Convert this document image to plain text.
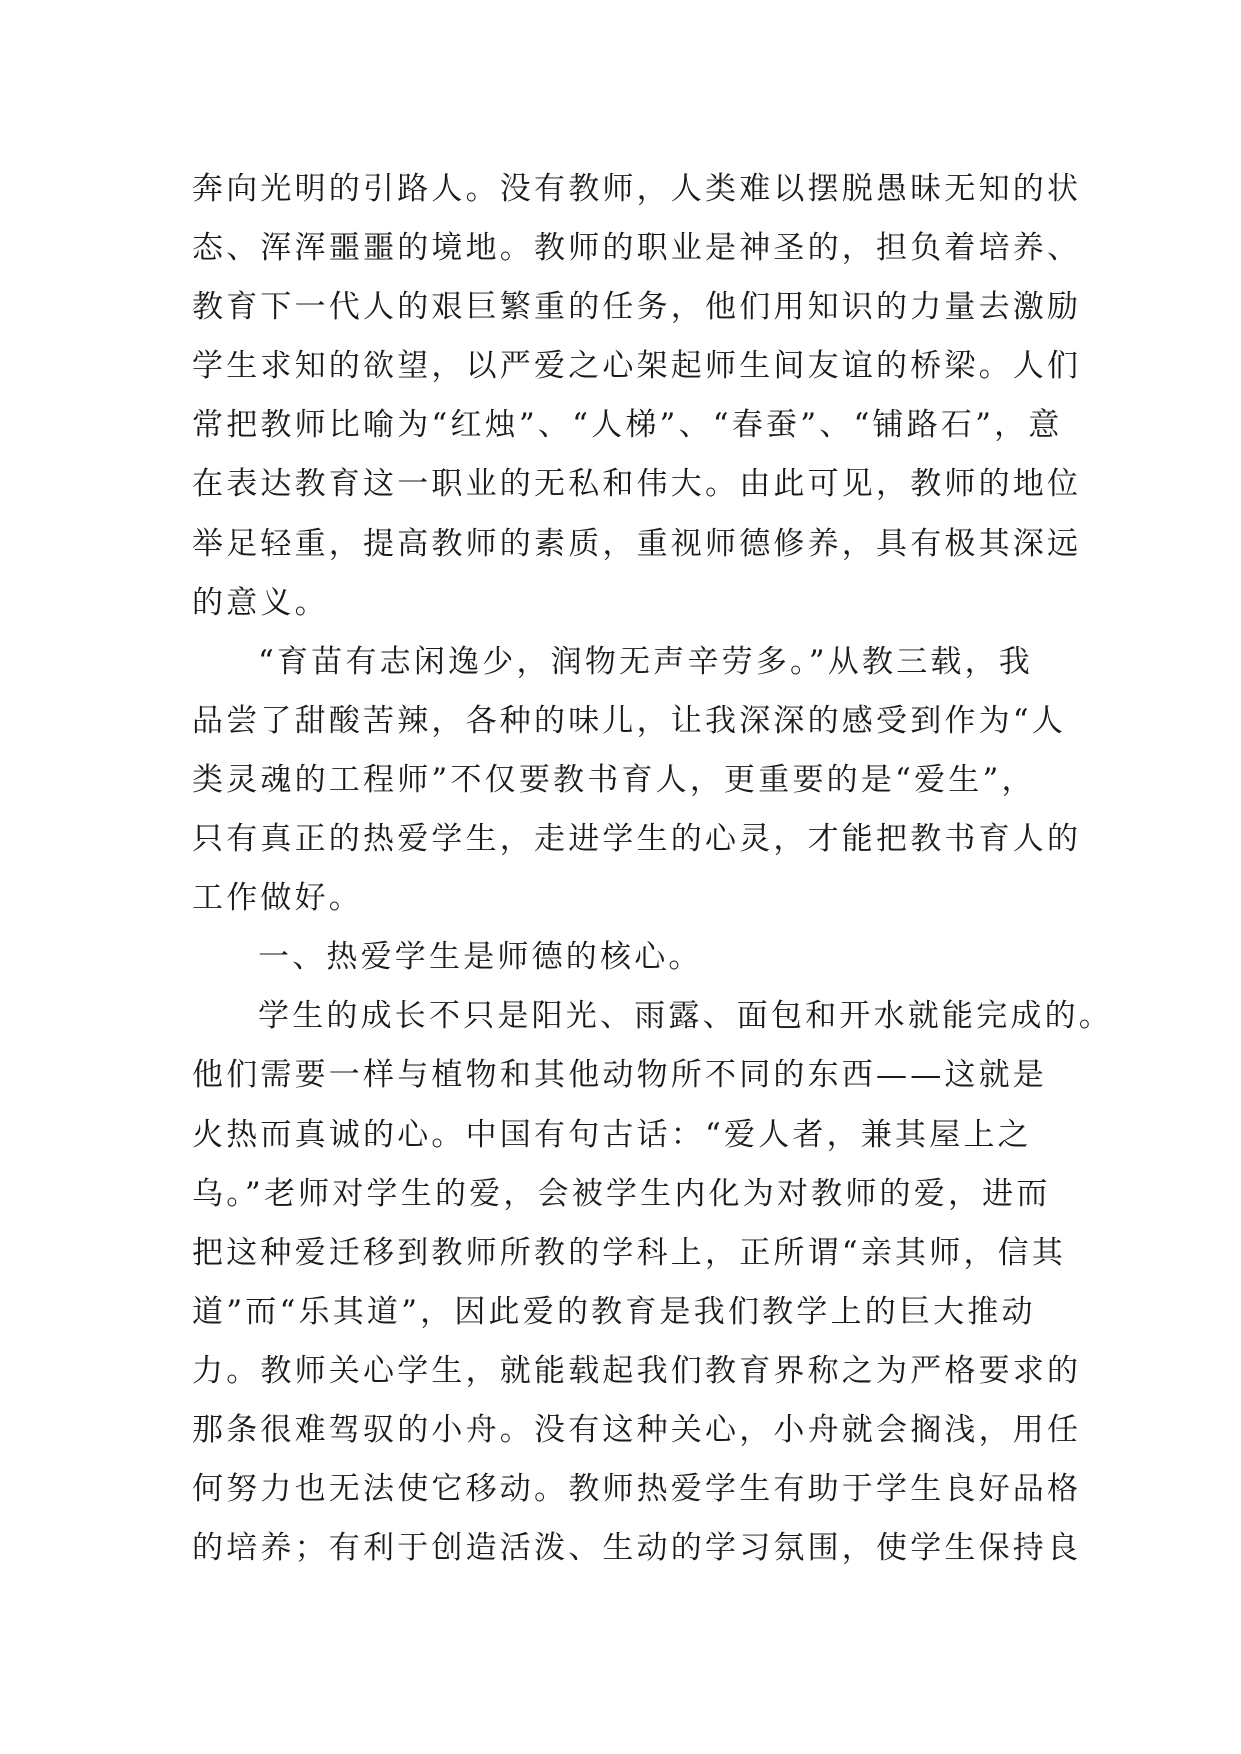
奔向光明的引路人。没有教师，人类难以摆脱愚昧无知的状
态、浑浑噩噩的境地。教师的职业是神圣的，担负着培养、
教育下一代人的艰巨繁重的任务，他们用知识的力量去激励
学生求知的欲望，以严爱之心架起师生间友谊的桥梁。人们
常把教师比喻为“红烛”、“人梯”、“春蚕”、“铺路石”，意
在表达教育这一职业的无私和伟大。由此可见，教师的地位
举足轻重，提高教师的素质，重视师德修养，具有极其深远
的意义。
“育苗有志闲逸少，润物无声辛劳多。”从教三载，我
品尝了甜酸苦辣，各种的味儿，让我深深的感受到作为“人
类灵魂的工程师”不仅要教书育人，更重要的是“爱生”，
只有真正的热爱学生，走进学生的心灵，才能把教书育人的
工作做好。
一、热爱学生是师德的核心。
学生的成长不只是阳光、雨露、面包和开水就能完成的。
他们需要一样与植物和其他动物所不同的东西——这就是
火热而真诚的心。中国有句古话：“爱人者，兼其屋上之
乌。”老师对学生的爱，会被学生内化为对教师的爱，进而
把这种爱迁移到教师所教的学科上，正所谓“亲其师，信其
道”而“乐其道”，因此爱的教育是我们教学上的巨大推动
力。教师关心学生，就能载起我们教育界称之为严格要求的
那条很难驾驭的小舟。没有这种关心，小舟就会搁浅，用任
何努力也无法使它移动。教师热爱学生有助于学生良好品格
的培养；有利于创造活泼、生动的学习氛围，使学生保持良
